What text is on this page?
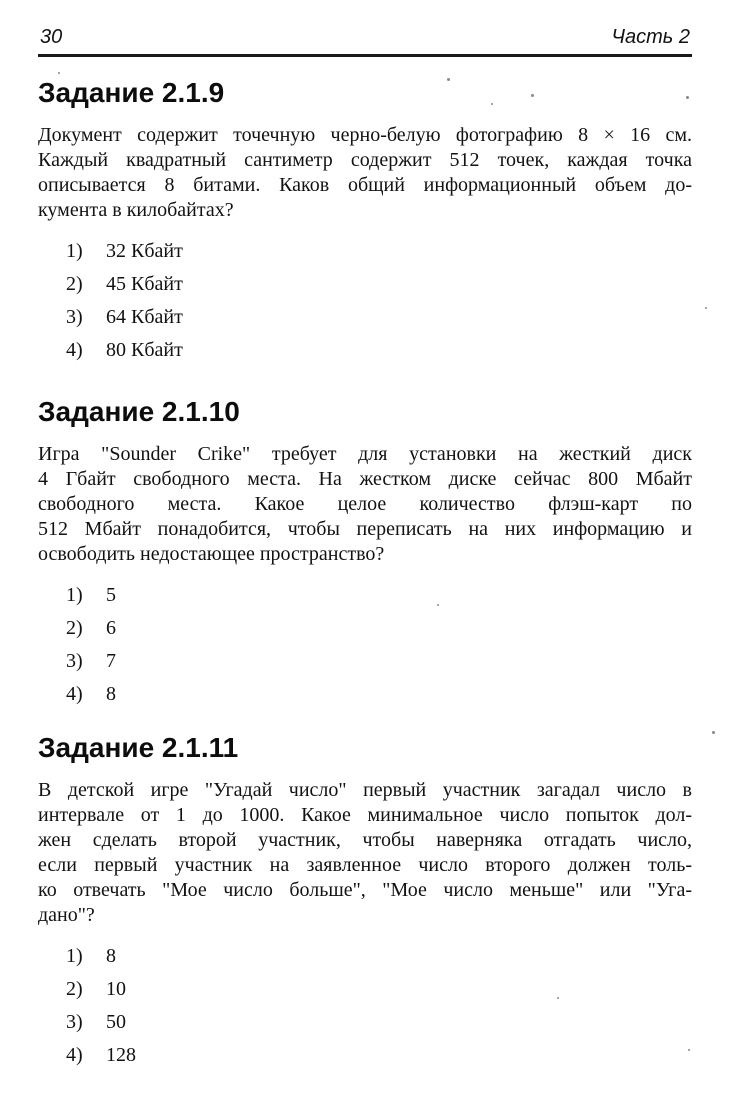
30	Часть 2
Задание 2.1.9
Документ содержит точечную черно-белую фотографию 8 × 16 см.
Каждый квадратный сантиметр содержит 512 точек, каждая точка
описывается 8 битами. Каков общий информационный объем до-
кумента в килобайтах?
1)	32 Кбайт
2)	45 Кбайт
3)	64 Кбайт
4)	80 Кбайт
Задание 2.1.10
Игра "Sounder Crike" требует для установки на жесткий диск
4 Гбайт свободного места. На жестком диске сейчас 800 Мбайт
свободного места. Какое целое количество флэш-карт по
512 Мбайт понадобится, чтобы переписать на них информацию и
освободить недостающее пространство?
1)	5
2)	6
3)	7
4)	8
Задание 2.1.11
В детской игре "Угадай число" первый участник загадал число в
интервале от 1 до 1000. Какое минимальное число попыток дол-
жен сделать второй участник, чтобы наверняка отгадать число,
если первый участник на заявленное число второго должен толь-
ко отвечать "Мое число больше", "Мое число меньше" или "Уга-
дано"?
1)	8
2)	10
3)	50
4)	128
